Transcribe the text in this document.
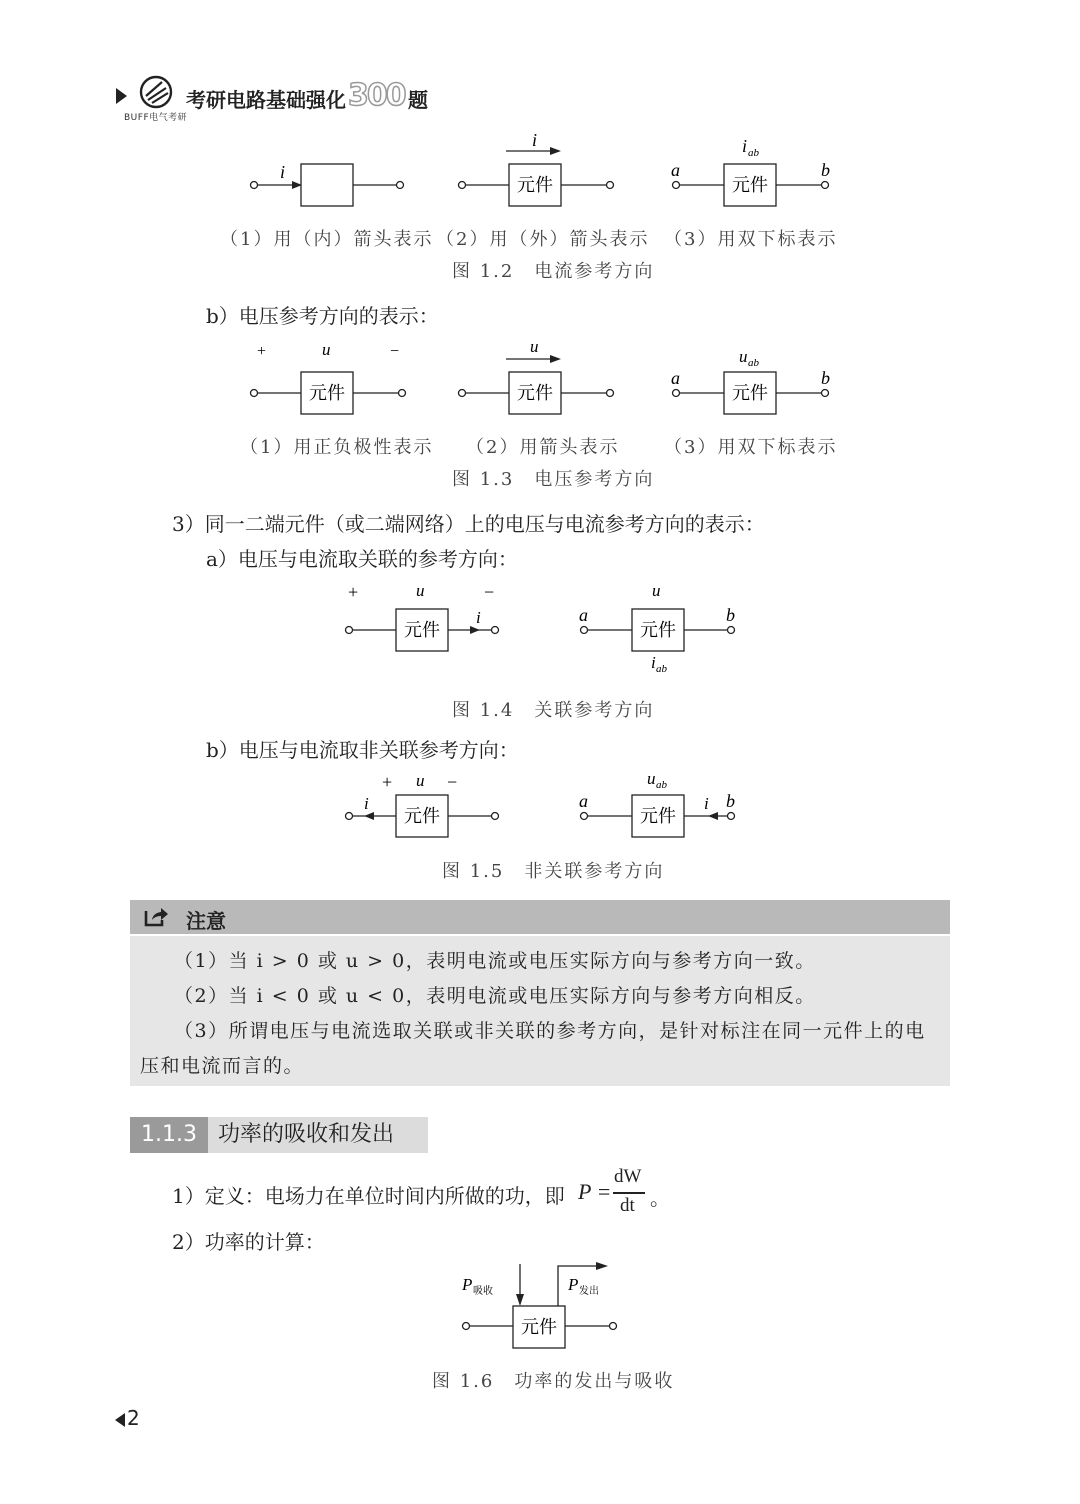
BUFF电气考研
考研电路基础强化 300 题
i
元件
i
元件
a	b
i ab
（1）用（内）箭头表示 （2）用（外）箭头表示 （3）用双下标表示
图 1.2　电流参考方向
b）电压参考方向的表示：
元件
+	−
u
元件
u
元件
a	b
u ab
（1）用正负极性表示 （2）用箭头表示 （3）用双下标表示
图 1.3　电压参考方向
3）同一二端元件（或二端网络）上的电压与电流参考方向的表示：
a）电压与电流取关联的参考方向：
元件
+	−
u
i
元件
a	b
u
i ab
图 1.4　关联参考方向
b）电压与电流取非关联参考方向：
元件
+	−
u
i
元件
a	b
i
u ab
图 1.5　非关联参考方向
注意
（1）当 i > 0 或 u > 0，表明电流或电压实际方向与参考方向一致。
（2）当 i < 0 或 u < 0，表明电流或电压实际方向与参考方向相反。
（3）所谓电压与电流选取关联或非关联的参考方向，是针对标注在同一元件上的电
压和电流而言的。
1.1.3 功率的吸收和发出
1）定义：电场力在单位时间内所做的功，即 P =
dW
dt 。
2）功率的计算：
元件
P 吸收	P 发出
图 1.6　功率的发出与吸收
2
